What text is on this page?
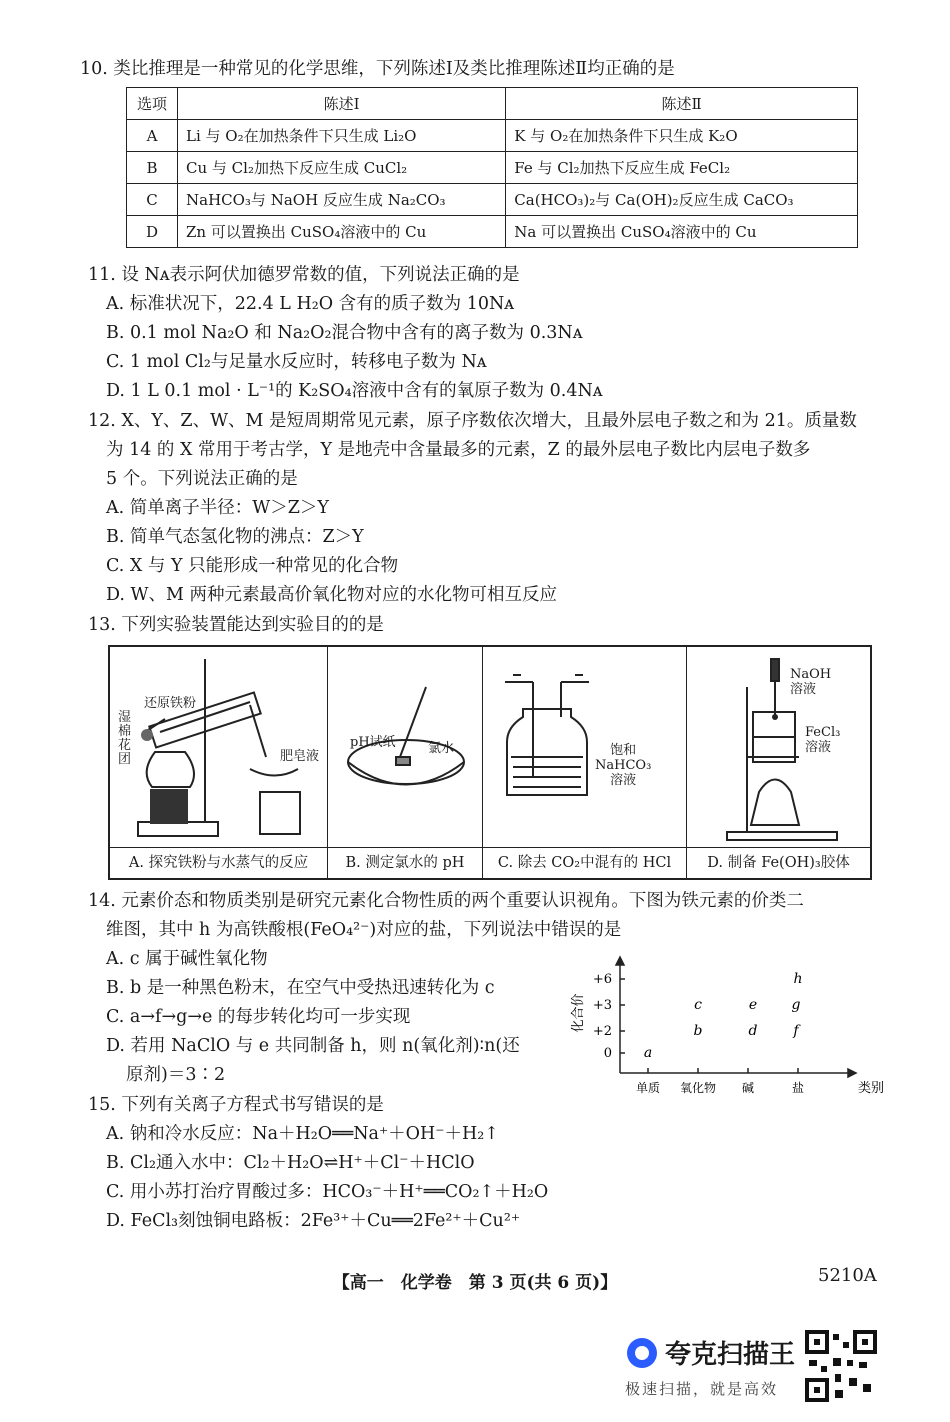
10. 类比推理是一种常见的化学思维，下列陈述Ⅰ及类比推理陈述Ⅱ均正确的是
选项	陈述Ⅰ	陈述Ⅱ
A	Li 与 O₂在加热条件下只生成 Li₂O	K 与 O₂在加热条件下只生成 K₂O
B	Cu 与 Cl₂加热下反应生成 CuCl₂	Fe 与 Cl₂加热下反应生成 FeCl₂
C	NaHCO₃与 NaOH 反应生成 Na₂CO₃	Ca(HCO₃)₂与 Ca(OH)₂反应生成 CaCO₃
D	Zn 可以置换出 CuSO₄溶液中的 Cu	Na 可以置换出 CuSO₄溶液中的 Cu
11. 设 Nᴀ表示阿伏加德罗常数的值，下列说法正确的是
A. 标准状况下，22.4 L H₂O 含有的质子数为 10Nᴀ
B. 0.1 mol Na₂O 和 Na₂O₂混合物中含有的离子数为 0.3Nᴀ
C. 1 mol Cl₂与足量水反应时，转移电子数为 Nᴀ
D. 1 L 0.1 mol · L⁻¹的 K₂SO₄溶液中含有的氧原子数为 0.4Nᴀ
12. X、Y、Z、W、M 是短周期常见元素，原子序数依次增大，且最外层电子数之和为 21。质量数
为 14 的 X 常用于考古学，Y 是地壳中含量最多的元素，Z 的最外层电子数比内层电子数多
5 个。下列说法正确的是
A. 简单离子半径：W＞Z＞Y
B. 简单气态氢化物的沸点：Z＞Y
C. X 与 Y 只能形成一种常见的化合物
D. W、M 两种元素最高价氧化物对应的水化物可相互反应
13. 下列实验装置能达到实验目的的是
还原铁粉
湿
棉
花
团	肥皂液
A. 探究铁粉与水蒸气的反应
pH试纸 氯水
B. 测定氯水的 pH
饱和
NaHCO₃
溶液
C. 除去 CO₂中混有的 HCl
NaOH
溶液
FeCl₃
溶液
D. 制备 Fe(OH)₃胶体
14. 元素价态和物质类别是研究元素化合物性质的两个重要认识视角。下图为铁元素的价类二
维图，其中 h 为高铁酸根(FeO₄²⁻)对应的盐，下列说法中错误的是
A. c 属于碱性氧化物
B. b 是一种黑色粉末，在空气中受热迅速转化为 c
C. a→f→g→e 的每步转化均可一步实现
D. 若用 NaClO 与 e 共同制备 h，则 n(氧化剂)∶n(还
原剂)＝3∶2
化合价
类别
单质 氧化物 碱	盐
0
+2
+3
+6
a
b
c
d
e
f
g
h
15. 下列有关离子方程式书写错误的是
A. 钠和冷水反应：Na＋H₂O══Na⁺＋OH⁻＋H₂↑
B. Cl₂通入水中：Cl₂＋H₂O⇌H⁺＋Cl⁻＋HClO
C. 用小苏打治疗胃酸过多：HCO₃⁻＋H⁺══CO₂↑＋H₂O
D. FeCl₃刻蚀铜电路板：2Fe³⁺＋Cu══2Fe²⁺＋Cu²⁺
【高一　化学卷　第 3 页(共 6 页)】	5210A
夸克扫描王
极速扫描，就是高效
